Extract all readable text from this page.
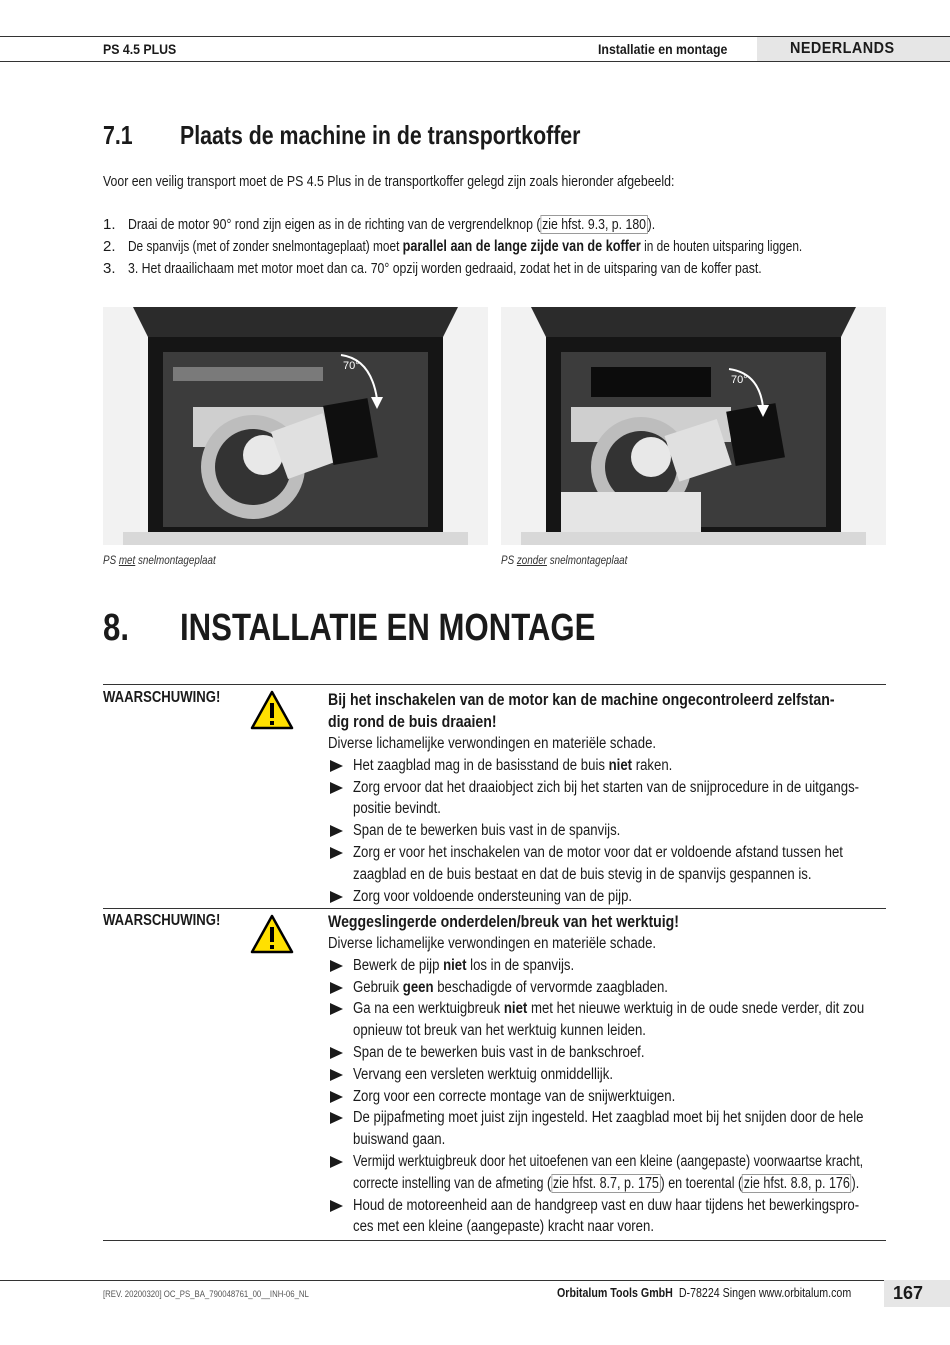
PS 4.5 PLUS	Installatie en montage	NEDERLANDS
7.1 Plaats de machine in de transportkoffer
Voor een veilig transport moet de PS 4.5 Plus in de transportkoffer gelegd zijn zoals hieronder afgebeeld:
1. Draai de motor 90° rond zijn eigen as in de richting van de vergrendelknop ( zie hfst. 9.3, p. 180 ).
2. De spanvijs (met of zonder snelmontageplaat) moet parallel aan de lange zijde van de koffer in de houten uitsparing liggen.
3. 3. Het draailichaam met motor moet dan ca. 70° opzij worden gedraaid, zodat het in de uitsparing van de koffer past.
70°
PS met snelmontageplaat
70°
PS zonder snelmontageplaat
8. INSTALLATIE EN MONTAGE
WAARSCHUWING!	Bij het inschakelen van de motor kan de machine ongecontroleerd zelfstan-
dig rond de buis draaien!
Diverse lichamelijke verwondingen en materiële schade.
Het zaagblad mag in de basisstand de buis niet raken.
Zorg ervoor dat het draaiobject zich bij het starten van de snijprocedure in de uitgangs-
positie bevindt.
Span de te bewerken buis vast in de spanvijs.
Zorg er voor het inschakelen van de motor voor dat er voldoende afstand tussen het
zaagblad en de buis bestaat en dat de buis stevig in de spanvijs gespannen is.
Zorg voor voldoende ondersteuning van de pijp.
WAARSCHUWING!	Weggeslingerde onderdelen/breuk van het werktuig!
Diverse lichamelijke verwondingen en materiële schade.
Bewerk de pijp niet los in de spanvijs.
Gebruik geen beschadigde of vervormde zaagbladen.
Ga na een werktuigbreuk niet met het nieuwe werktuig in de oude snede verder, dit zou
opnieuw tot breuk van het werktuig kunnen leiden.
Span de te bewerken buis vast in de bankschroef.
Vervang een versleten werktuig onmiddellijk.
Zorg voor een correcte montage van de snijwerktuigen.
De pijpafmeting moet juist zijn ingesteld. Het zaagblad moet bij het snijden door de hele
buiswand gaan.
Vermijd werktuigbreuk door het uitoefenen van een kleine (aangepaste) voorwaartse kracht,
correcte instelling van de afmeting ( zie hfst. 8.7, p. 175 ) en toerental ( zie hfst. 8.8, p. 176 ).
Houd de motoreenheid aan de handgreep vast en duw haar tijdens het bewerkingspro-
ces met een kleine (aangepaste) kracht naar voren.
[REV. 20200320] OC_PS_BA_790048761_00__INH-06_NL	Orbitalum Tools GmbH D-78224 Singen www.orbitalum.com 167
